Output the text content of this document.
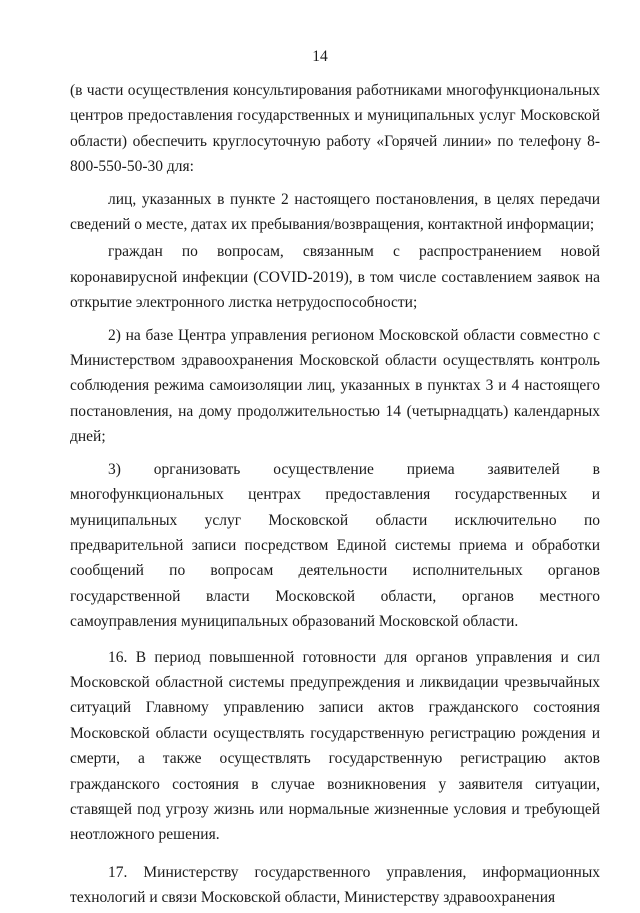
14

(в части осуществления консультирования работниками многофункциональных центров предоставления государственных и муниципальных услуг Московской области) обеспечить круглосуточную работу «Горячей линии» по телефону 8-800-550-50-30 для:

лиц, указанных в пункте 2 настоящего постановления, в целях передачи сведений о месте, датах их пребывания/возвращения, контактной информации;

граждан по вопросам, связанным с распространением новой коронавирусной инфекции (COVID-2019), в том числе составлением заявок на открытие электронного листка нетрудоспособности;

2) на базе Центра управления регионом Московской области совместно с Министерством здравоохранения Московской области осуществлять контроль соблюдения режима самоизоляции лиц, указанных в пунктах 3 и 4 настоящего постановления, на дому продолжительностью 14 (четырнадцать) календарных дней;

3) организовать осуществление приема заявителей в многофункциональных центрах предоставления государственных и муниципальных услуг Московской области исключительно по предварительной записи посредством Единой системы приема и обработки сообщений по вопросам деятельности исполнительных органов государственной власти Московской области, органов местного самоуправления муниципальных образований Московской области.

16. В период повышенной готовности для органов управления и сил Московской областной системы предупреждения и ликвидации чрезвычайных ситуаций Главному управлению записи актов гражданского состояния Московской области осуществлять государственную регистрацию рождения и смерти, а также осуществлять государственную регистрацию актов гражданского состояния в случае возникновения у заявителя ситуации, ставящей под угрозу жизнь или нормальные жизненные условия и требующей неотложного решения.

17. Министерству государственного управления, информационных технологий и связи Московской области, Министерству здравоохранения
